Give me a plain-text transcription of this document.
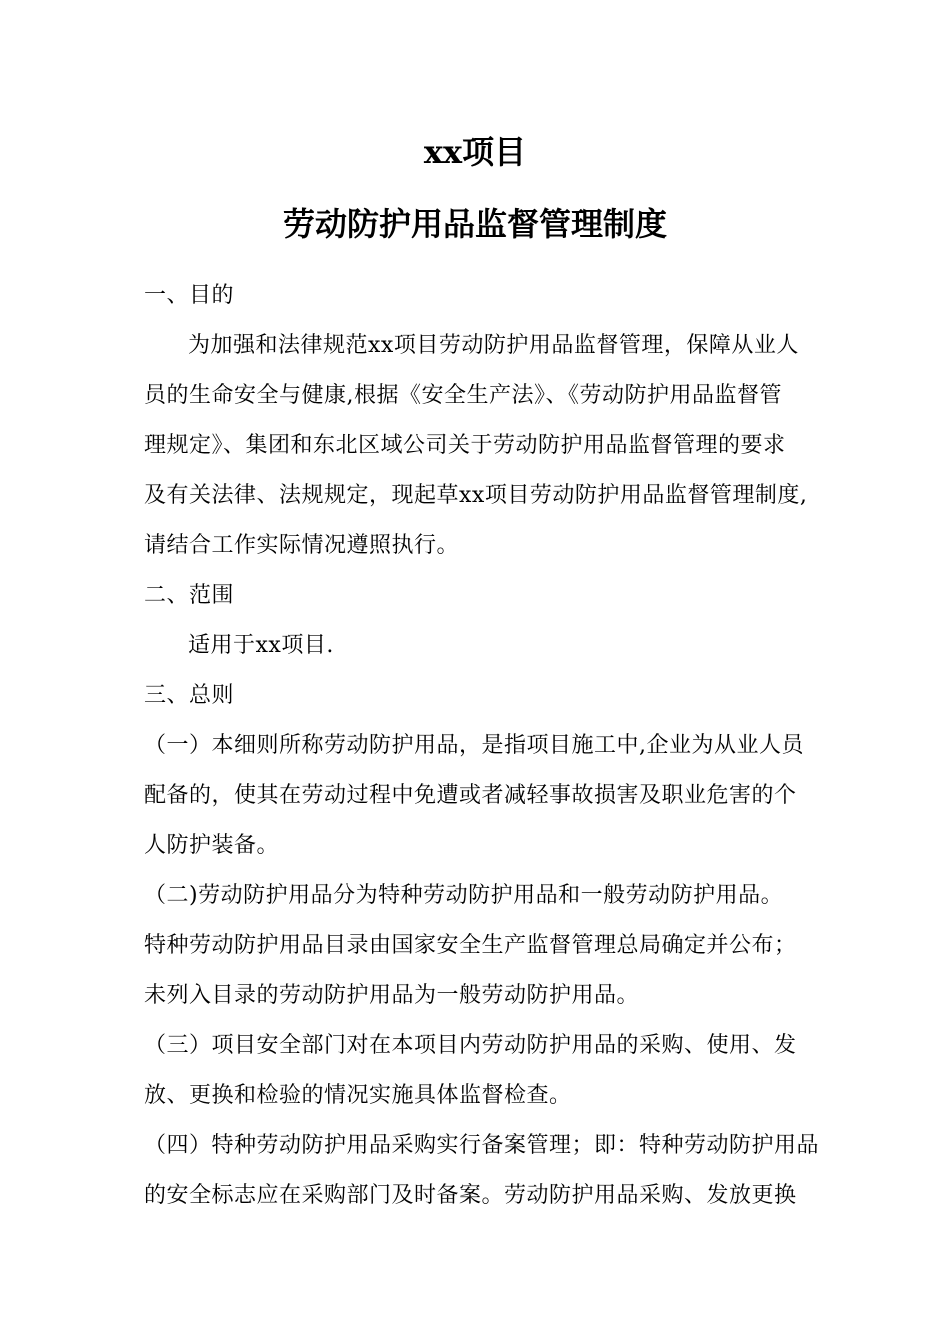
xx项目
劳动防护用品监督管理制度
一、目的
为加强和法律规范xx项目劳动防护用品监督管理，保障从业人
员的生命安全与健康,根据《安全生产法》、《劳动防护用品监督管
理规定》、集团和东北区域公司关于劳动防护用品监督管理的要求
及有关法律、法规规定，现起草xx项目劳动防护用品监督管理制度,
请结合工作实际情况遵照执行。
二、范围
适用于xx项目.
三、总则
（一）本细则所称劳动防护用品，是指项目施工中,企业为从业人员
配备的，使其在劳动过程中免遭或者减轻事故损害及职业危害的个
人防护装备。
（二)劳动防护用品分为特种劳动防护用品和一般劳动防护用品。
特种劳动防护用品目录由国家安全生产监督管理总局确定并公布；
未列入目录的劳动防护用品为一般劳动防护用品。
（三）项目安全部门对在本项目内劳动防护用品的采购、使用、发
放、更换和检验的情况实施具体监督检查。
（四）特种劳动防护用品采购实行备案管理；即：特种劳动防护用品
的安全标志应在采购部门及时备案。劳动防护用品采购、发放更换
